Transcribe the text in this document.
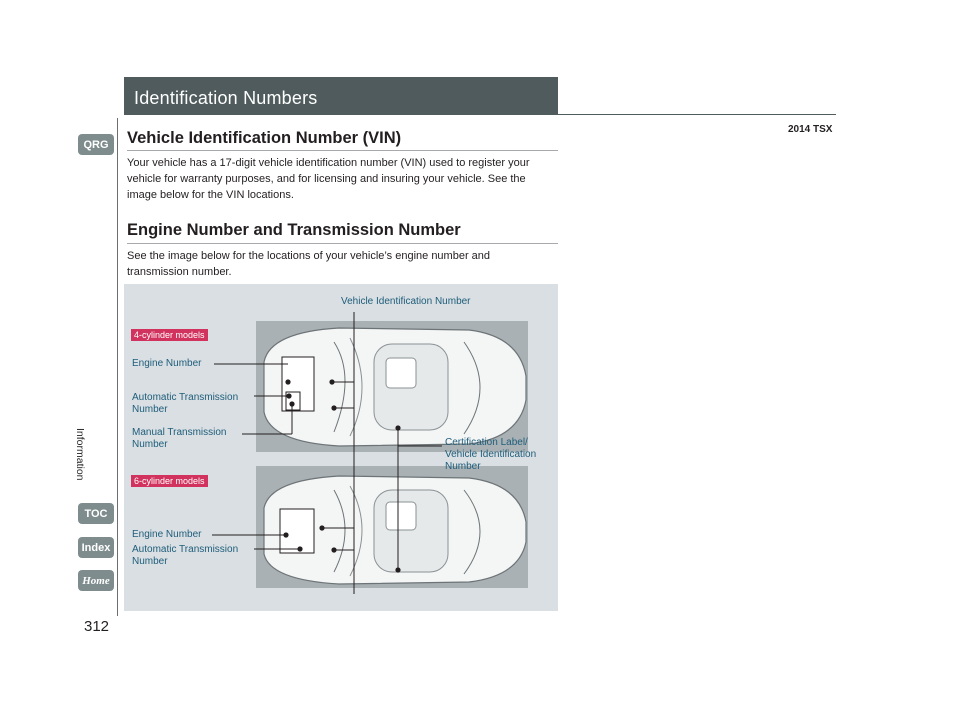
QRG
Information
TOC
Index
Home
312
Identification Numbers
2014 TSX
Vehicle Identification Number (VIN)
Your vehicle has a 17-digit vehicle identification number (VIN) used to register your
vehicle for warranty purposes, and for licensing and insuring your vehicle. See the
image below for the VIN locations.
Engine Number and Transmission Number
See the image below for the locations of your vehicle’s engine number and
transmission number.
Vehicle Identification Number
4-cylinder models
Engine Number
Automatic Transmission
Number
Manual Transmission
Number	Certification Label/
Vehicle Identification
Number
6-cylinder models
Engine Number
Automatic Transmission
Number
